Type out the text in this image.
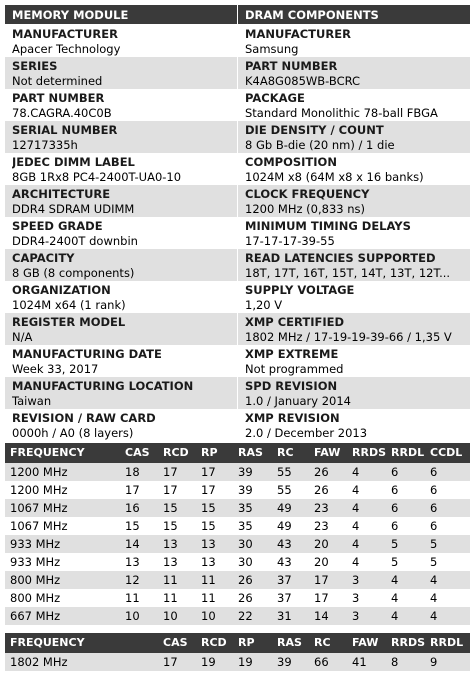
MEMORY MODULE
MANUFACTURER
Apacer Technology
SERIES
Not determined
PART NUMBER
78.CAGRA.40C0B
SERIAL NUMBER
12717335h
JEDEC DIMM LABEL
8GB 1Rx8 PC4-2400T-UA0-10
ARCHITECTURE
DDR4 SDRAM UDIMM
SPEED GRADE
DDR4-2400T downbin
CAPACITY
8 GB (8 components)
ORGANIZATION
1024M x64 (1 rank)
REGISTER MODEL
N/A
MANUFACTURING DATE
Week 33, 2017
MANUFACTURING LOCATION
Taiwan
REVISION / RAW CARD
0000h / A0 (8 layers)
DRAM COMPONENTS
MANUFACTURER
Samsung
PART NUMBER
K4A8G085WB-BCRC
PACKAGE
Standard Monolithic 78-ball FBGA
DIE DENSITY / COUNT
8 Gb B-die (20 nm) / 1 die
COMPOSITION
1024M x8 (64M x8 x 16 banks)
CLOCK FREQUENCY
1200 MHz (0,833 ns)
MINIMUM TIMING DELAYS
17-17-17-39-55
READ LATENCIES SUPPORTED
18T, 17T, 16T, 15T, 14T, 13T, 12T...
SUPPLY VOLTAGE
1,20 V
XMP CERTIFIED
1802 MHz / 17-19-19-39-66 / 1,35 V
XMP EXTREME
Not programmed
SPD REVISION
1.0 / January 2014
XMP REVISION
2.0 / December 2013
FREQUENCY	CAS	RCD	RP	RAS	RC	FAW	RRDS	RRDL	CCDL
1200 MHz	18	17	17	39	55	26	4	6	6
1200 MHz	17	17	17	39	55	26	4	6	6
1067 MHz	16	15	15	35	49	23	4	6	6
1067 MHz	15	15	15	35	49	23	4	6	6
933 MHz	14	13	13	30	43	20	4	5	5
933 MHz	13	13	13	30	43	20	4	5	5
800 MHz	12	11	11	26	37	17	3	4	4
800 MHz	11	11	11	26	37	17	3	4	4
667 MHz	10	10	10	22	31	14	3	4	4
FREQUENCY	CAS	RCD	RP	RAS	RC	FAW	RRDS	RRDL
1802 MHz	17	19	19	39	66	41	8	9
